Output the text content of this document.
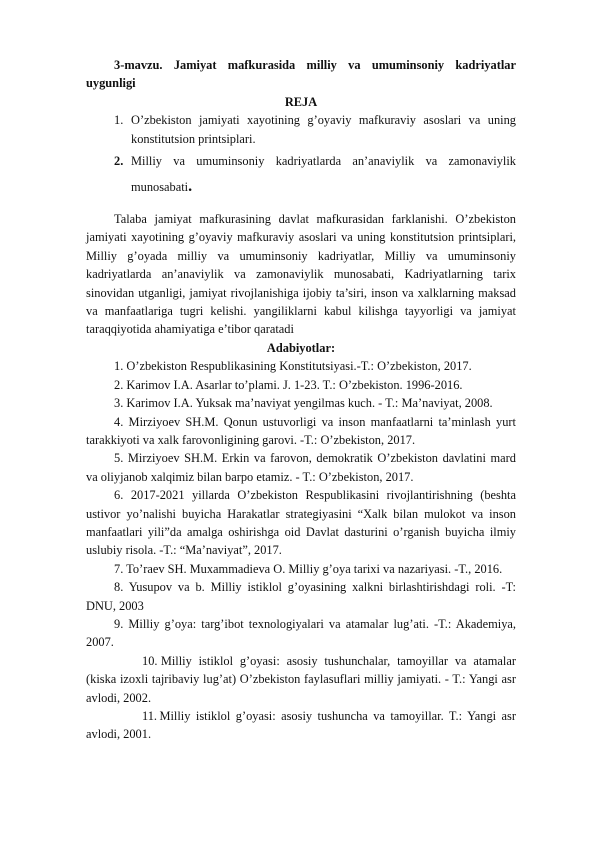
3-mavzu. Jamiyat mafkurasida milliy va umuminsoniy kadriyatlar uygunligi

REJA

1. O’zbekiston jamiyati xayotining g’oyaviy mafkuraviy asoslari va uning konstitutsion printsiplari.
2. Milliy va umuminsoniy kadriyatlarda an’anaviylik va zamonaviylik munosabati.

Talaba jamiyat mafkurasining davlat mafkurasidan farklanishi. O’zbekiston jamiyati xayotining g’oyaviy mafkuraviy asoslari va uning konstitutsion printsiplari, Milliy g’oyada milliy va umuminsoniy kadriyatlar, Milliy va umuminsoniy kadriyatlarda an’anaviylik va zamonaviylik munosabati, Kadriyatlarning tarix sinovidan utganligi, jamiyat rivojlanishiga ijobiy ta’siri, inson va xalklarning maksad va manfaatlariga tugri kelishi. yangiliklarni kabul kilishga tayyorligi va jamiyat taraqqiyotida ahamiyatiga e’tibor qaratadi

Adabiyotlar:

1. O’zbekiston Respublikasining Konstitutsiyasi.-T.: O’zbekiston, 2017.
2. Karimov I.A. Asarlar to’plami. J. 1-23. T.: O’zbekiston. 1996-2016.
3. Karimov I.A. Yuksak ma’naviyat yengilmas kuch. - T.: Ma’naviyat, 2008.
4. Mirziyoev SH.M. Qonun ustuvorligi va inson manfaatlarni ta’minlash yurt tarakkiyoti va xalk farovonligining garovi. -T.: O’zbekiston, 2017.
5. Mirziyoev SH.M. Erkin va farovon, demokratik O’zbekiston davlatini mard va oliyjanob xalqimiz bilan barpo etamiz. - T.: O’zbekiston, 2017.
6. 2017-2021 yillarda O’zbekiston Respublikasini rivojlantirishning (beshta ustivor yo’nalishi buyicha Harakatlar strategiyasini “Xalk bilan mulokot va inson manfaatlari yili”da amalga oshirishga oid Davlat dasturini o’rganish buyicha ilmiy uslubiy risola. -T.: “Ma’naviyat”, 2017.
7. To’raev SH. Muxammadieva O. Milliy g’oya tarixi va nazariyasi. -T., 2016.
8. Yusupov va b. Milliy istiklol g’oyasining xalkni birlashtirishdagi roli. -T: DNU, 2003
9. Milliy g’oya: targ’ibot texnologiyalari va atamalar lug’ati. -T.: Akademiya, 2007.
10. Milliy istiklol g’oyasi: asosiy tushunchalar, tamoyillar va atamalar (kiska izoxli tajribaviy lug’at) O’zbekiston faylasuflari milliy jamiyati. - T.: Yangi asr avlodi, 2002.
11. Milliy istiklol g’oyasi: asosiy tushuncha va tamoyillar. T.: Yangi asr avlodi, 2001.
